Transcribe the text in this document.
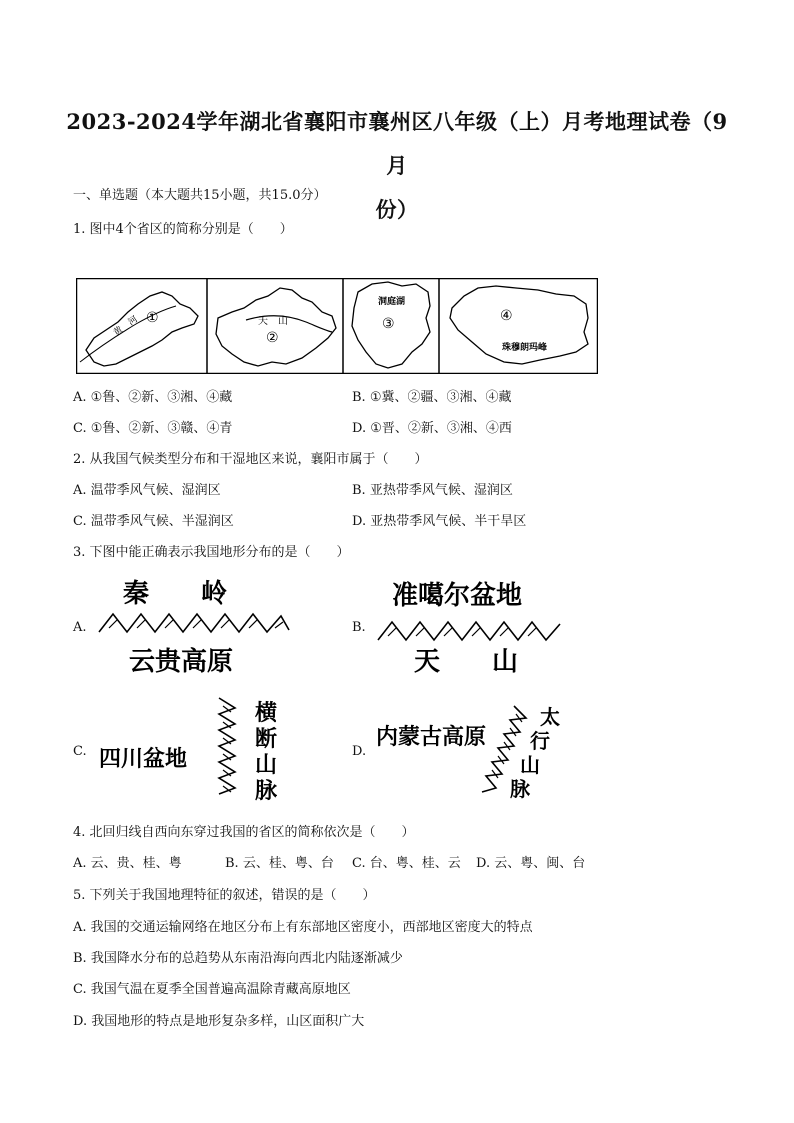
2023-2024学年湖北省襄阳市襄州区八年级（上）月考地理试卷（9月
份）
一、单选题（本大题共15小题，共15.0分）
1. 图中4个省区的简称分别是（　　）
黄　河 ①	天　山
②
洞庭湖
③	④
珠穆朗玛峰
A. ①鲁、②新、③湘、④藏	B. ①冀、②疆、③湘、④藏
C. ①鲁、②新、③赣、④青	D. ①晋、②新、③湘、④西
2. 从我国气候类型分布和干湿地区来说，襄阳市属于（　　）
A. 温带季风气候、湿润区	B. 亚热带季风气候、湿润区
C. 温带季风气候、半湿润区	D. 亚热带季风气候、半干旱区
3. 下图中能正确表示我国地形分布的是（　　）
A.
秦　　岭
云贵高原
B.
准噶尔盆地
天　　山
C. 四川盆地
横
断
山
脉
D.
内蒙古高原
太
行
山
脉
4. 北回归线自西向东穿过我国的省区的简称依次是（　　）
A. 云、贵、桂、粤	B. 云、桂、粤、台 C. 台、粤、桂、云 D. 云、粤、闽、台
5. 下列关于我国地理特征的叙述，错误的是（　　）
A. 我国的交通运输网络在地区分布上有东部地区密度小，西部地区密度大的特点
B. 我国降水分布的总趋势从东南沿海向西北内陆逐渐减少
C. 我国气温在夏季全国普遍高温除青藏高原地区
D. 我国地形的特点是地形复杂多样，山区面积广大
